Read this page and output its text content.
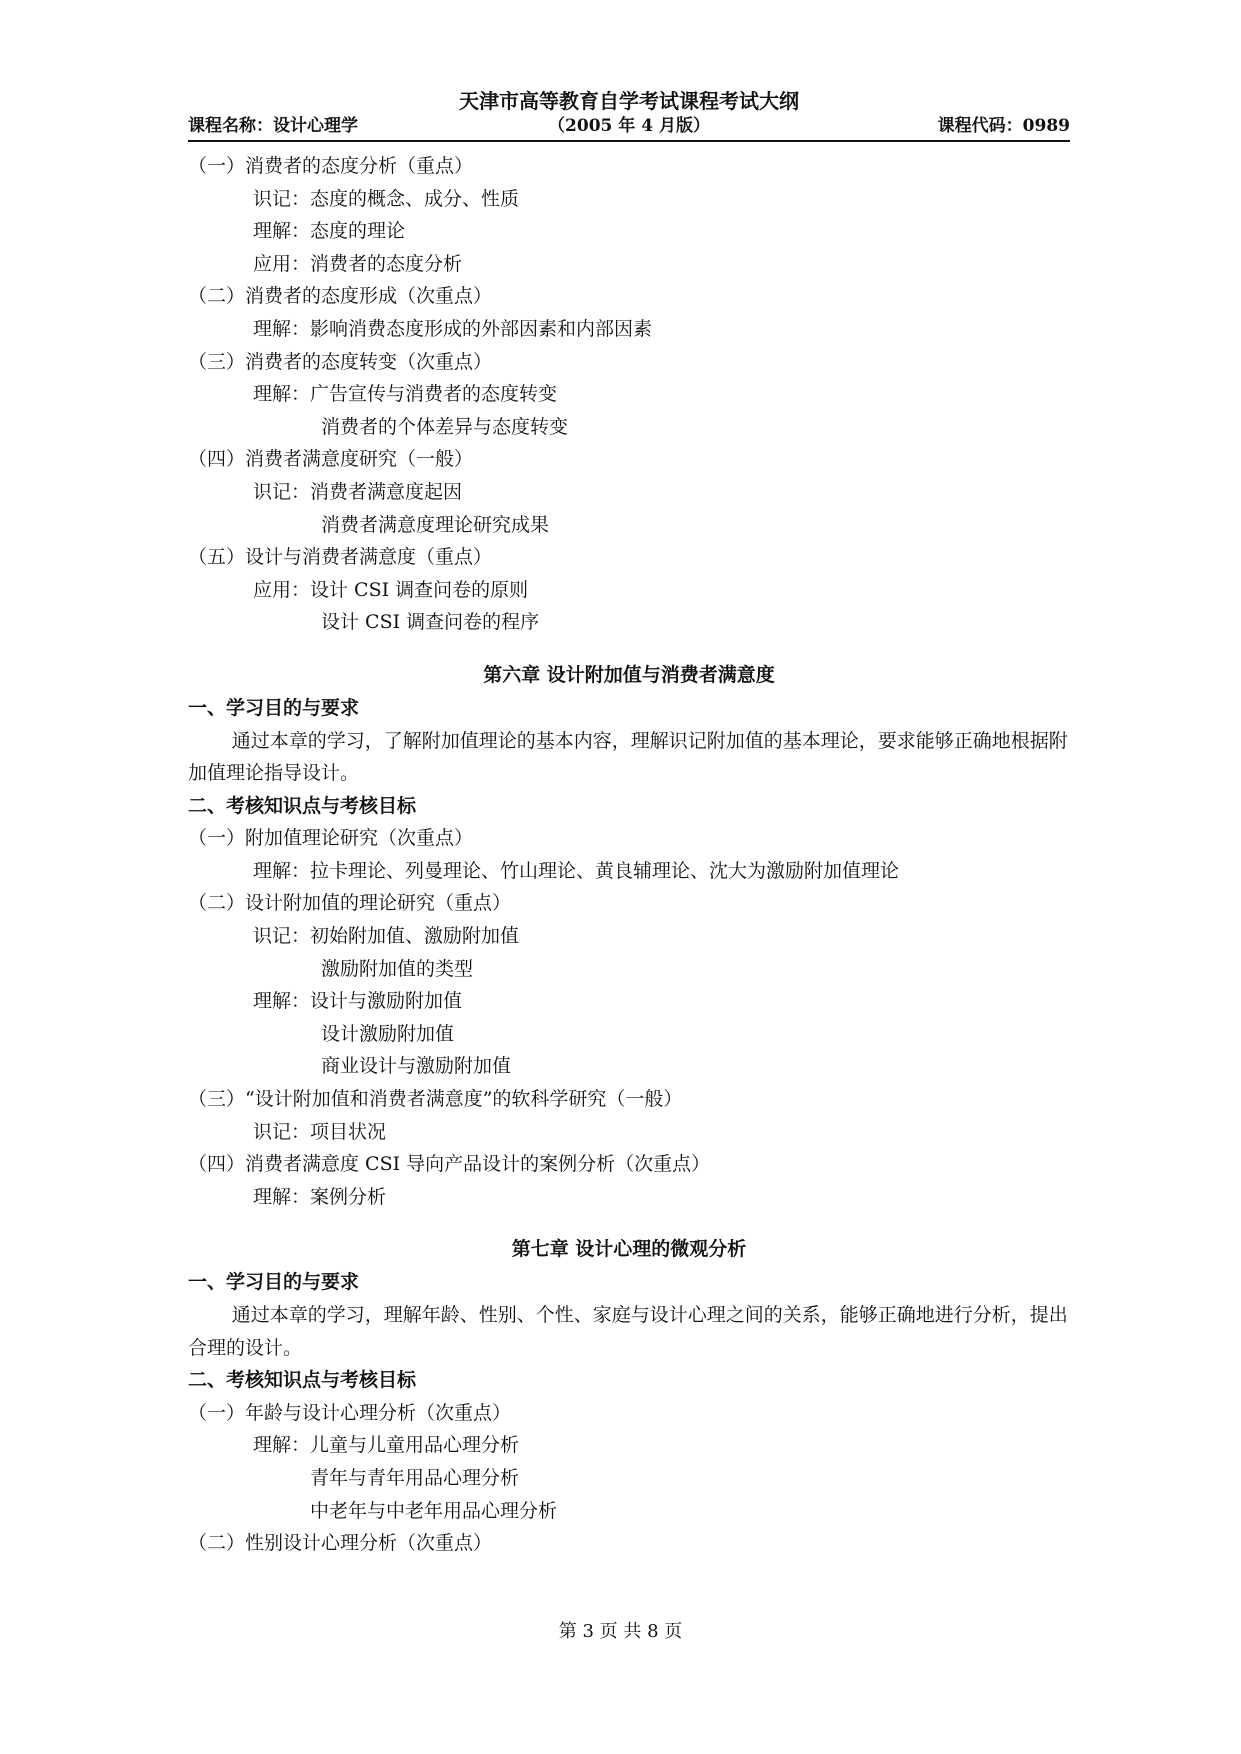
天津市高等教育自学考试课程考试大纲
课程名称：设计心理学	（2005 年 4 月版）	课程代码：0989
（一）消费者的态度分析（重点）
识记：态度的概念、成分、性质
理解：态度的理论
应用：消费者的态度分析
（二）消费者的态度形成（次重点）
理解：影响消费态度形成的外部因素和内部因素
（三）消费者的态度转变（次重点）
理解：广告宣传与消费者的态度转变
消费者的个体差异与态度转变
（四）消费者满意度研究（一般）
识记：消费者满意度起因
消费者满意度理论研究成果
（五）设计与消费者满意度（重点）
应用：设计 CSI 调查问卷的原则
设计 CSI 调查问卷的程序
第六章 设计附加值与消费者满意度
一、学习目的与要求
通过本章的学习，了解附加值理论的基本内容，理解识记附加值的基本理论，要求能够正确地根据附加值理论指导设计。
二、考核知识点与考核目标
（一）附加值理论研究（次重点）
理解：拉卡理论、列曼理论、竹山理论、黄良辅理论、沈大为激励附加值理论
（二）设计附加值的理论研究（重点）
识记：初始附加值、激励附加值
激励附加值的类型
理解：设计与激励附加值
设计激励附加值
商业设计与激励附加值
（三）“设计附加值和消费者满意度”的软科学研究（一般）
识记：项目状况
（四）消费者满意度 CSI 导向产品设计的案例分析（次重点）
理解：案例分析
第七章 设计心理的微观分析
一、学习目的与要求
通过本章的学习，理解年龄、性别、个性、家庭与设计心理之间的关系，能够正确地进行分析，提出合理的设计。
二、考核知识点与考核目标
（一）年龄与设计心理分析（次重点）
理解：儿童与儿童用品心理分析
青年与青年用品心理分析
中老年与中老年用品心理分析
（二）性别设计心理分析（次重点）
第 3 页 共 8 页
